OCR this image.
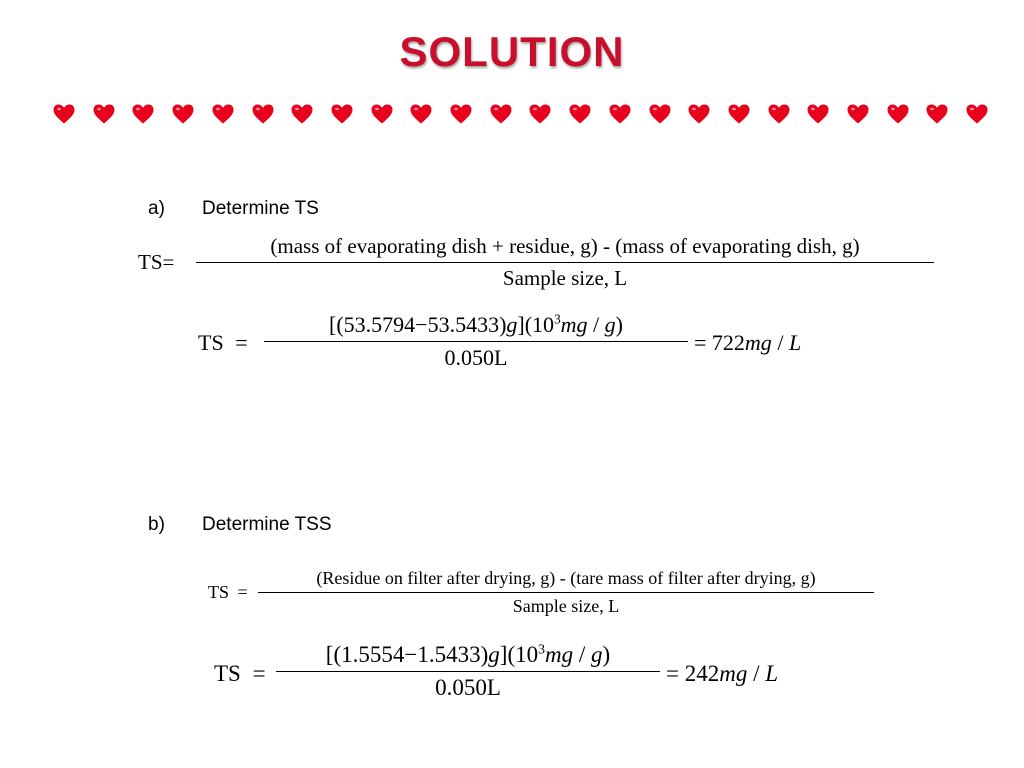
SOLUTION
a) Determine TS
TS=
(mass of evaporating dish + residue, g) - (mass of evaporating dish, g)
Sample size, L
TS =
$[(53.5794-53.5433)g](10^3mg / g)$
0.050L
= 722mg / L
b) Determine TSS
TS =
(Residue on filter after drying, g) - (tare mass of filter after drying, g)
Sample size, L
TS =
$[(1.5554-1.5433)g](10^3mg / g)$
0.050L
= 242mg / L
